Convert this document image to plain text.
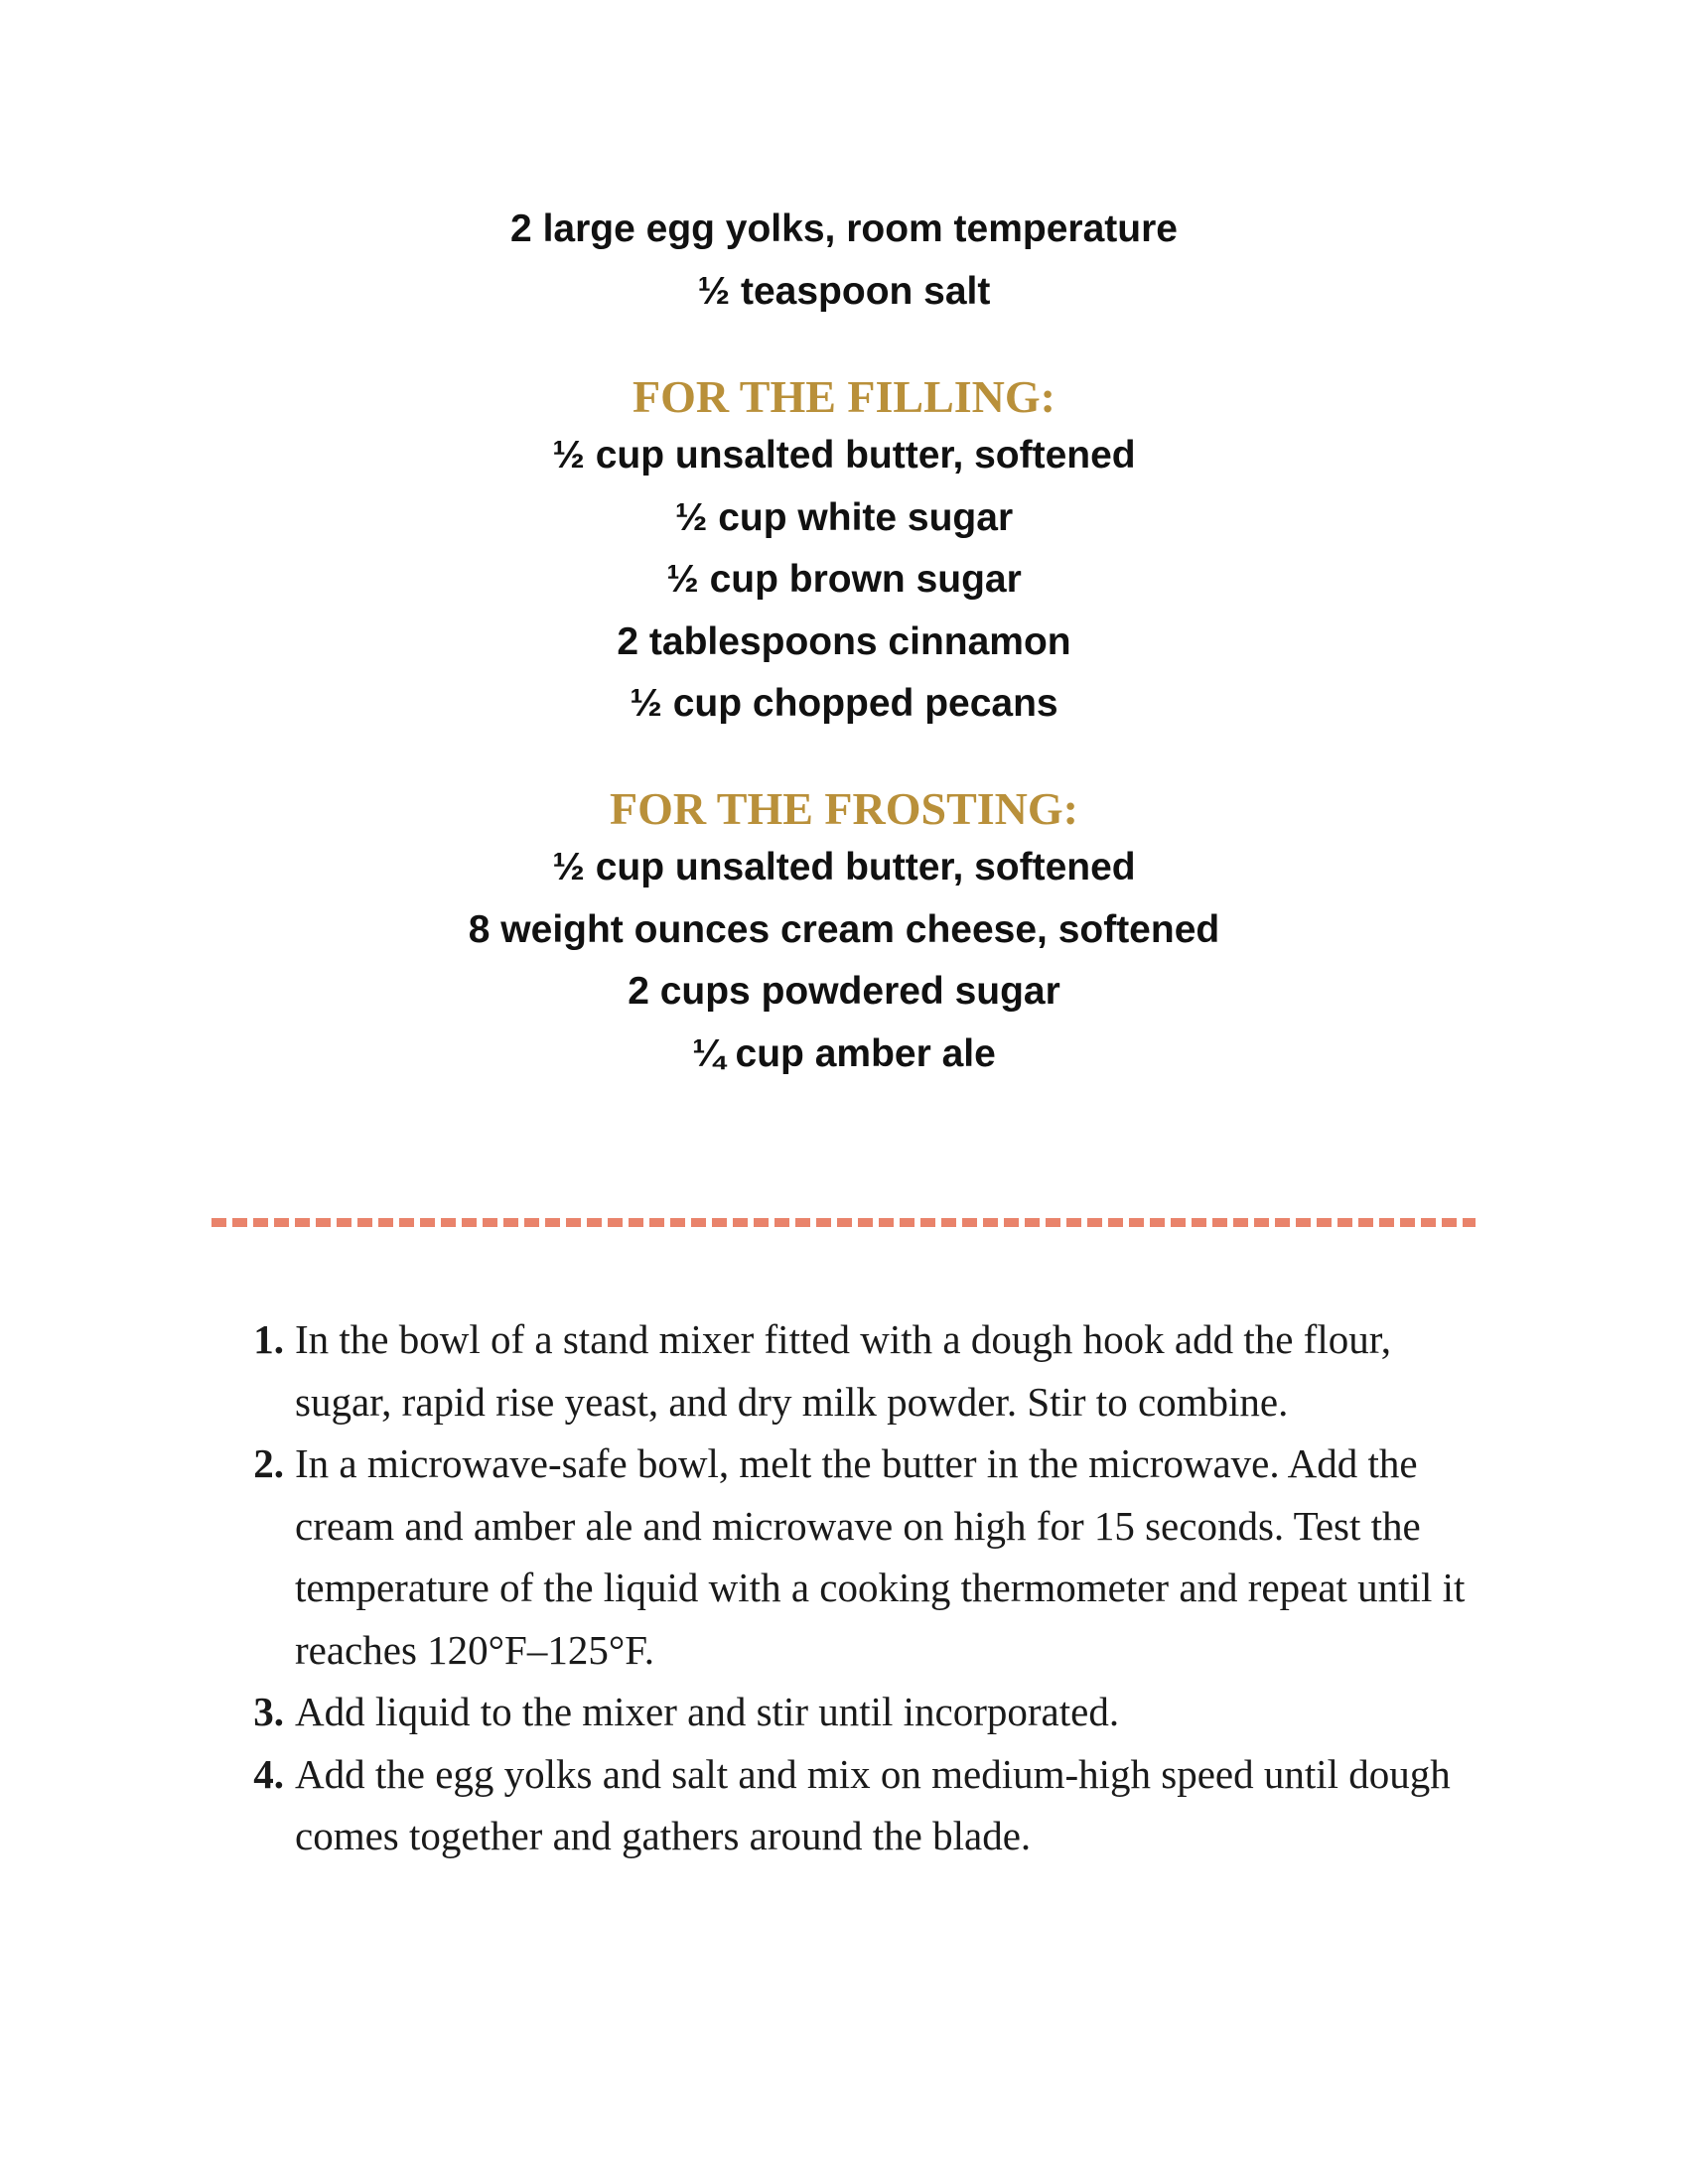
2 large egg yolks, room temperature
½ teaspoon salt
FOR THE FILLING:
½ cup unsalted butter, softened
½ cup white sugar
½ cup brown sugar
2 tablespoons cinnamon
½ cup chopped pecans
FOR THE FROSTING:
½ cup unsalted butter, softened
8 weight ounces cream cheese, softened
2 cups powdered sugar
¼ cup amber ale
1. In the bowl of a stand mixer fitted with a dough hook add the flour, sugar, rapid rise yeast, and dry milk powder. Stir to combine.
2. In a microwave-safe bowl, melt the butter in the microwave. Add the cream and amber ale and microwave on high for 15 seconds. Test the temperature of the liquid with a cooking thermometer and repeat until it reaches 120°F–125°F.
3. Add liquid to the mixer and stir until incorporated.
4. Add the egg yolks and salt and mix on medium-high speed until dough comes together and gathers around the blade.
